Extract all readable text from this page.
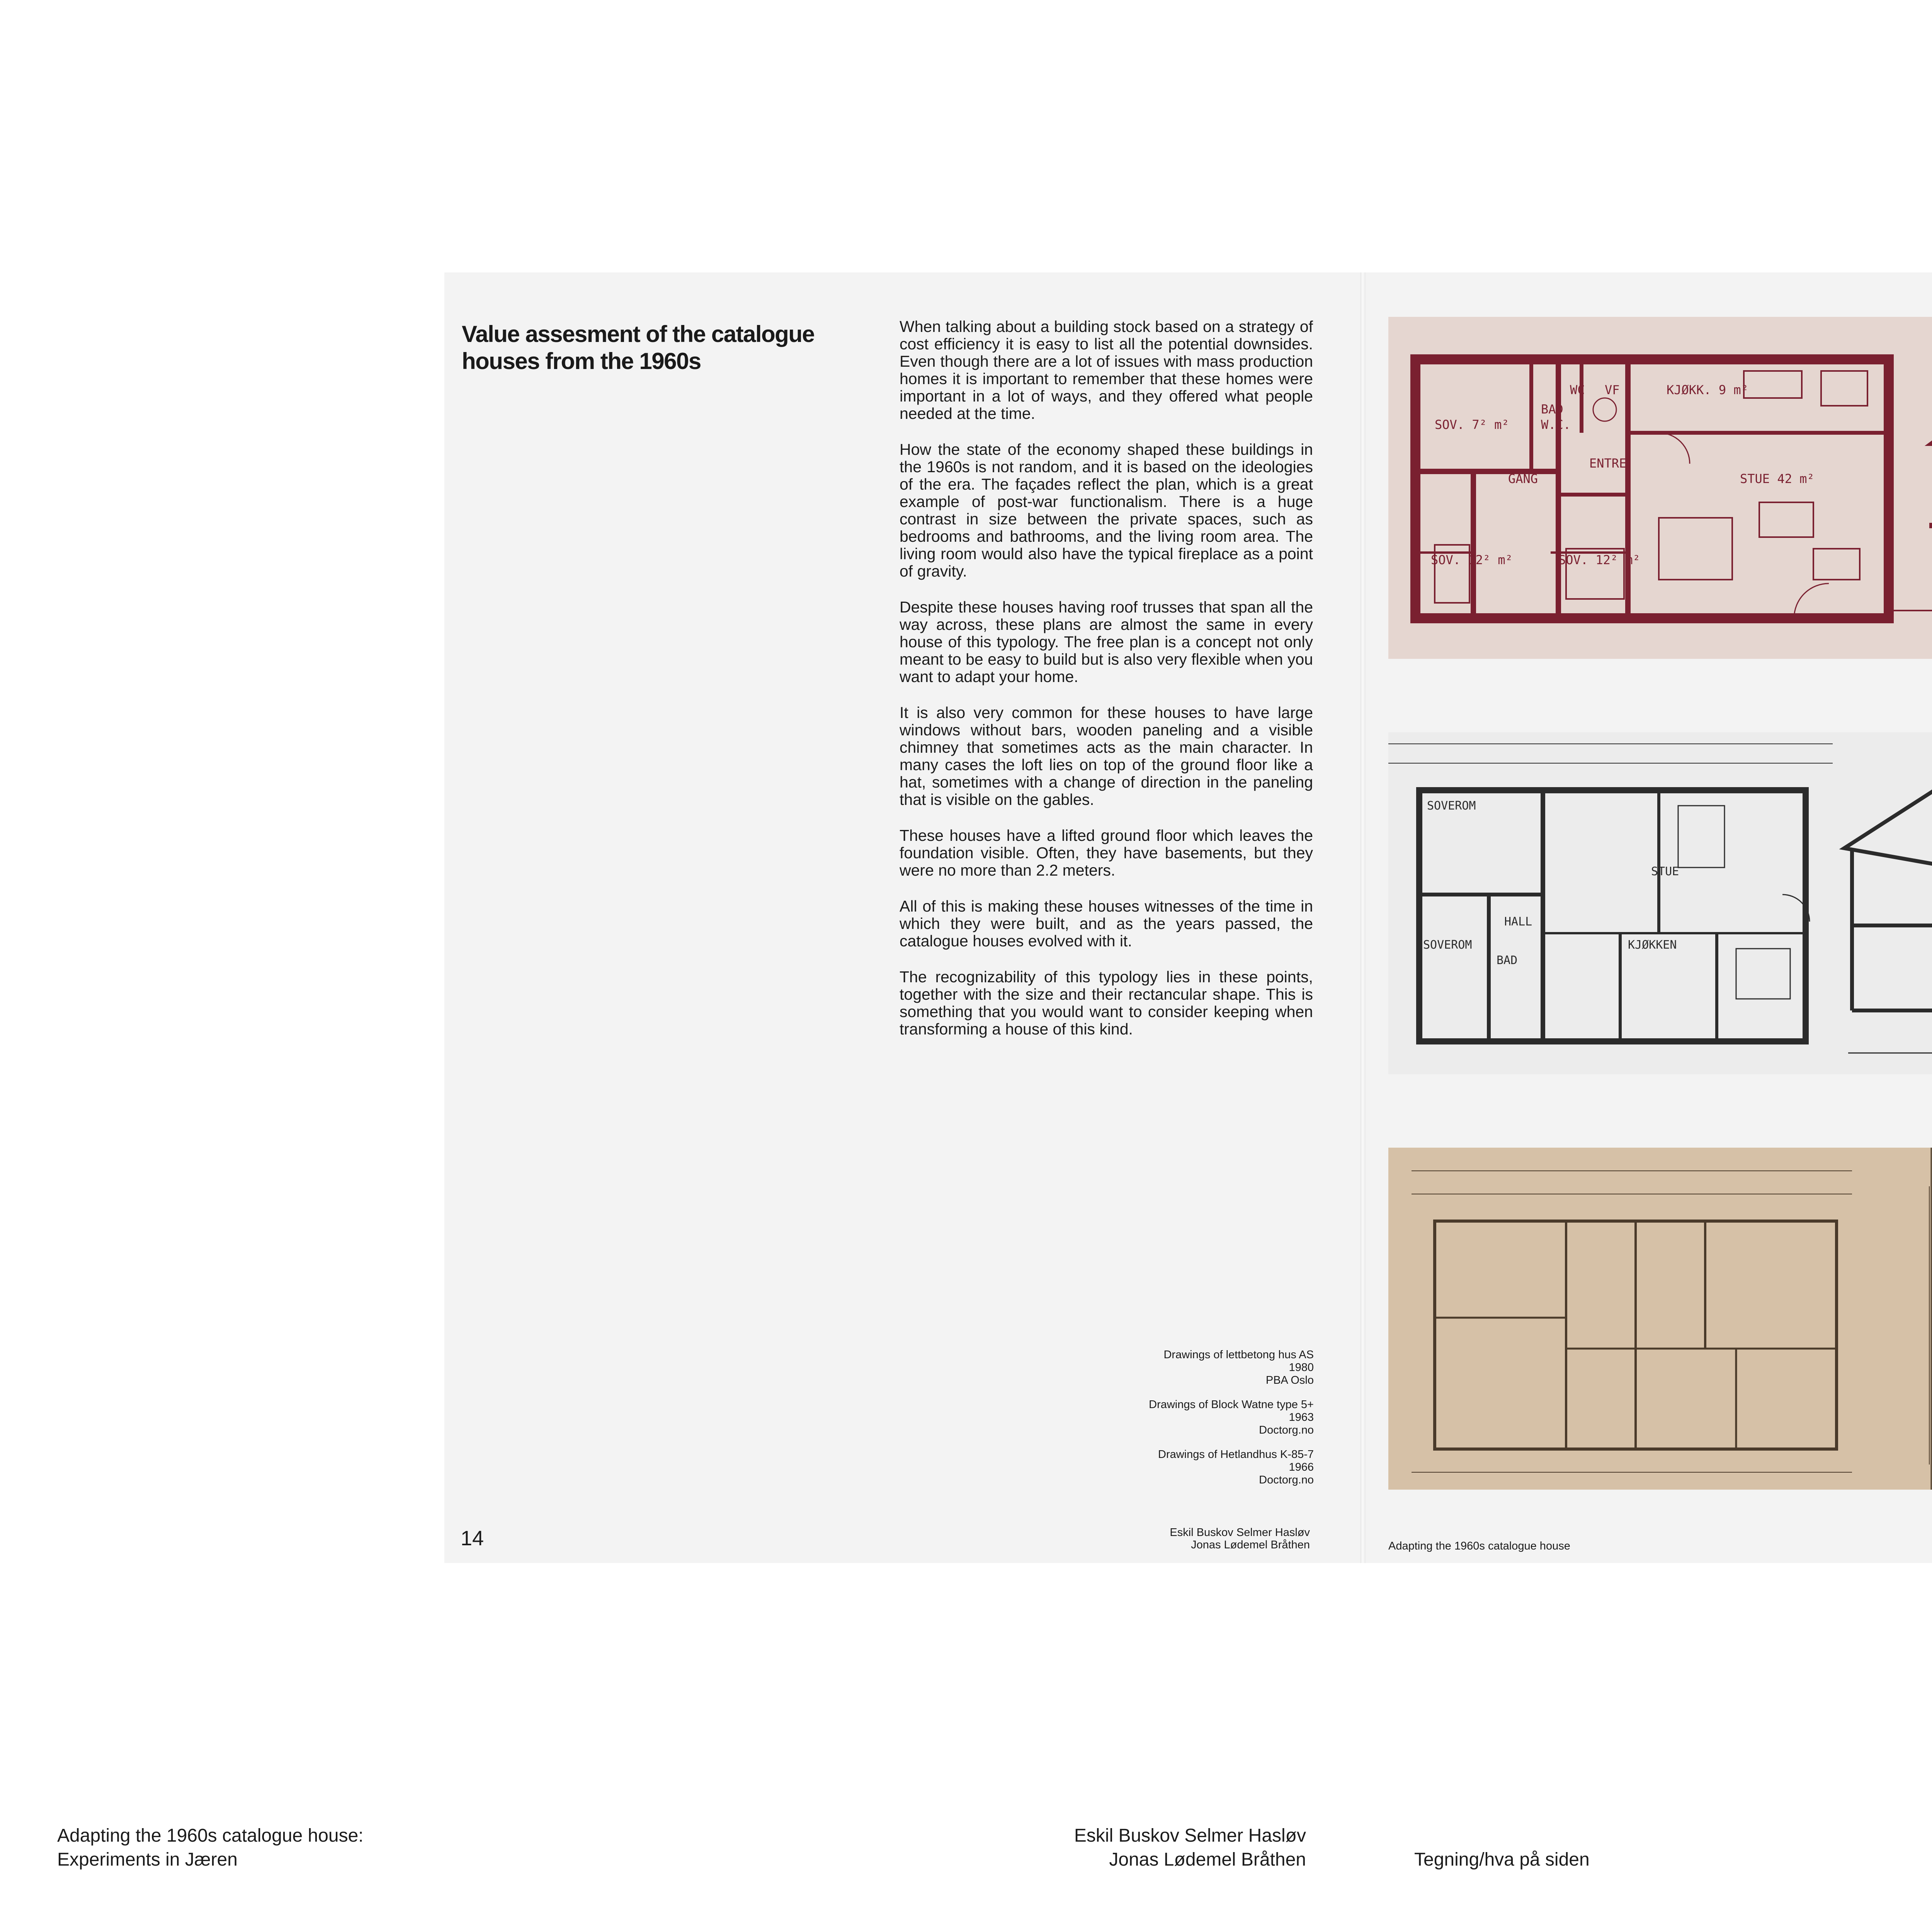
Value assesment of the catalogue houses from the 1960s

When talking about a building stock based on a strategy of cost efficiency it is easy to list all the potential downsides. Even though there are a lot of issues with mass production homes it is important to remember that these homes were important in a lot of ways, and they offered what people needed at the time.

How the state of the economy shaped these buildings in the 1960s is not random, and it is based on the ideologies of the era. The façades reflect the plan, which is a great example of post-war functionalism. There is a huge contrast in size between the private spaces, such as bedrooms and bathrooms, and the living room area. The living room would also have the typical fireplace as a point of gravity.

Despite these houses having roof trusses that span all the way across, these plans are almost the same in every house of this typology. The free plan is a concept not only meant to be easy to build but is also very flexible when you want to adapt your home.

It is also very common for these houses to have large windows without bars, wooden paneling and a visible chimney that sometimes acts as the main character. In many cases the loft lies on top of the ground floor like a hat, sometimes with a change of direction in the paneling that is visible on the gables.

These houses have a lifted ground floor which leaves the foundation visible. Often, they have basements, but they were no more than 2.2 meters.

All of this is making these houses witnesses of the time in which they were built, and as the years passed, the catalogue houses evolved with it.

The recognizability of this typology lies in these points, together with the size and their rectancular shape. This is something that you would want to consider keeping when transforming a house of this kind.

Drawings of lettbetong hus AS
1980
PBA Oslo
Drawings of Block Watne type 5+
1963
Doctorg.no
Drawings of Hetlandhus K-85-7
1966
Doctorg.no
14	Eskil Buskov Selmer Hasløv
Jonas Lødemel Bråthen
SOV. 7² m²
BAD
W.C.
WC VF	KJØKK. 9 m²
GANG
ENTRE
STUE 42 m²
SOV. 12² m²	SOV. 12² m²
SOVEROM
STUE
HALL
KJØKKEN
BAD
SOVEROM
Adapting the 1960s catalogue house
Adapting the 1960s catalogue house:
Experiments in Jæren
Eskil Buskov Selmer Hasløv
Jonas Lødemel Bråthen	Tegning/hva på siden
